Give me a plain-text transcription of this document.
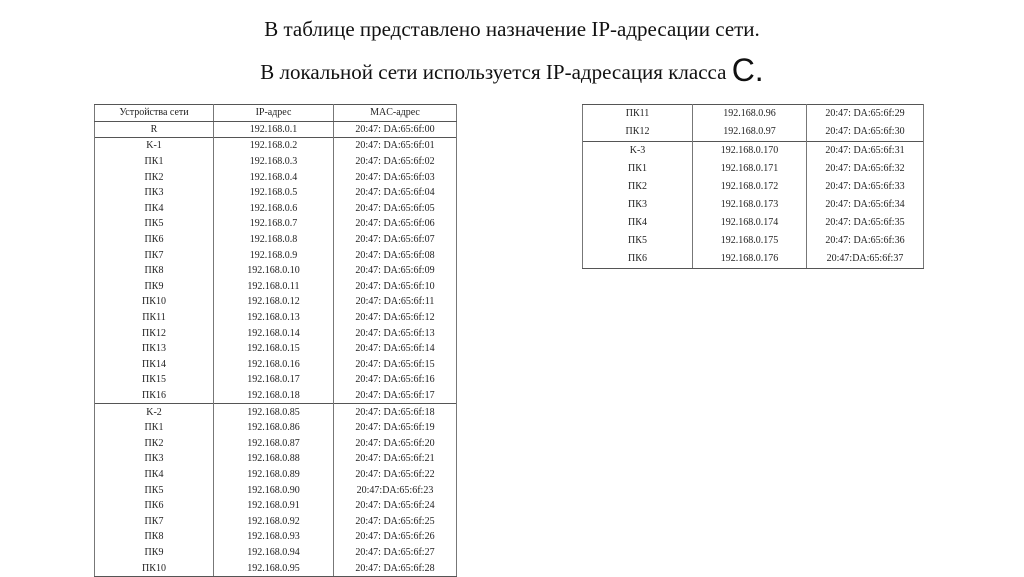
В таблице представлено назначение IP-адресации сети.
В локальной сети используется IP-адресация класса С.
Устройства сети	IP-адрес	MAC-адрес
R	192.168.0.1	20:47: DA:65:6f:00
K-1	192.168.0.2	20:47: DA:65:6f:01
ПК1	192.168.0.3	20:47: DA:65:6f:02
ПК2	192.168.0.4	20:47: DA:65:6f:03
ПК3	192.168.0.5	20:47: DA:65:6f:04
ПК4	192.168.0.6	20:47: DA:65:6f:05
ПК5	192.168.0.7	20:47: DA:65:6f:06
ПК6	192.168.0.8	20:47: DA:65:6f:07
ПК7	192.168.0.9	20:47: DA:65:6f:08
ПК8	192.168.0.10	20:47: DA:65:6f:09
ПК9	192.168.0.11	20:47: DA:65:6f:10
ПК10	192.168.0.12	20:47: DA:65:6f:11
ПК11	192.168.0.13	20:47: DA:65:6f:12
ПК12	192.168.0.14	20:47: DA:65:6f:13
ПК13	192.168.0.15	20:47: DA:65:6f:14
ПК14	192.168.0.16	20:47: DA:65:6f:15
ПК15	192.168.0.17	20:47: DA:65:6f:16
ПК16	192.168.0.18	20:47: DA:65:6f:17
K-2	192.168.0.85	20:47: DA:65:6f:18
ПК1	192.168.0.86	20:47: DA:65:6f:19
ПК2	192.168.0.87	20:47: DA:65:6f:20
ПК3	192.168.0.88	20:47: DA:65:6f:21
ПК4	192.168.0.89	20:47: DA:65:6f:22
ПК5	192.168.0.90	20:47:DA:65:6f:23
ПК6	192.168.0.91	20:47: DA:65:6f:24
ПК7	192.168.0.92	20:47: DA:65:6f:25
ПК8	192.168.0.93	20:47: DA:65:6f:26
ПК9	192.168.0.94	20:47: DA:65:6f:27
ПК10	192.168.0.95	20:47: DA:65:6f:28
ПК11	192.168.0.96	20:47: DA:65:6f:29
ПК12	192.168.0.97	20:47: DA:65:6f:30
K-3	192.168.0.170	20:47: DA:65:6f:31
ПК1	192.168.0.171	20:47: DA:65:6f:32
ПК2	192.168.0.172	20:47: DA:65:6f:33
ПК3	192.168.0.173	20:47: DA:65:6f:34
ПК4	192.168.0.174	20:47: DA:65:6f:35
ПК5	192.168.0.175	20:47: DA:65:6f:36
ПК6	192.168.0.176	20:47:DA:65:6f:37
